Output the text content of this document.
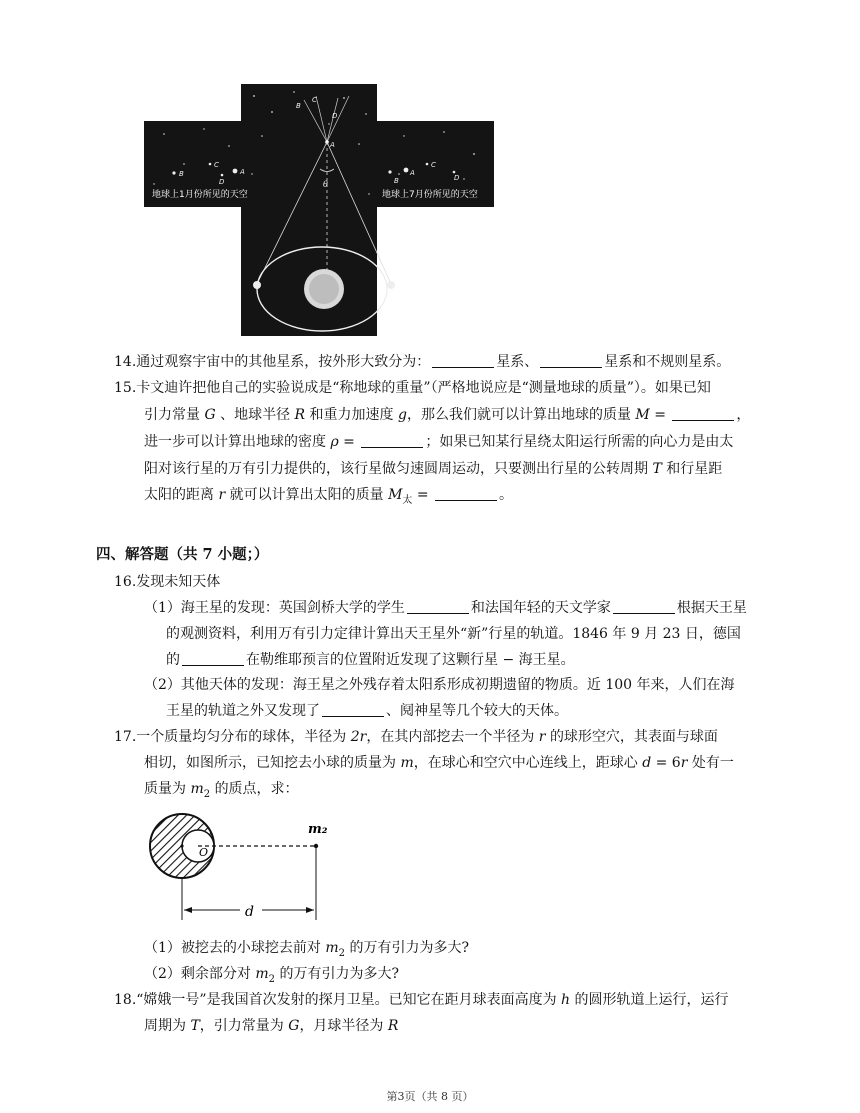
B
C
D
A
B
A
C
D
B
C
D
A
地球上1月份所见的天空	地球上7月份所见的天空
θ
14.通过观察宇宙中的其他星系，按外形大致分为：	星系、	星系和不规则星系。
15.卡文迪许把他自己的实验说成是“称地球的重量”（严格地说应是“测量地球的质量”）。如果已知
引力常量 G 、地球半径 R 和重力加速度 g，那么我们就可以计算出地球的质量 M =	，
进一步可以计算出地球的密度 ρ =	；如果已知某行星绕太阳运行所需的向心力是由太
阳对该行星的万有引力提供的，该行星做匀速圆周运动，只要测出行星的公转周期 T 和行星距
太阳的距离 r 就可以计算出太阳的质量 $M_太$ =	。
四、解答题（共 7 小题；）
16.发现未知天体
（1）海王星的发现：英国剑桥大学的学生	和法国年轻的天文学家	根据天王星
的观测资料，利用万有引力定律计算出天王星外“新”行星的轨道。1846 年 9 月 23 日，德国
的	在勒维耶预言的位置附近发现了这颗行星 − 海王星。
（2）其他天体的发现：海王星之外残存着太阳系形成初期遗留的物质。近 100 年来，人们在海
王星的轨道之外又发现了	、阋神星等几个较大的天体。
17.一个质量均匀分布的球体，半径为 2r，在其内部挖去一个半径为 r 的球形空穴，其表面与球面
相切，如图所示，已知挖去小球的质量为 m，在球心和空穴中心连线上，距球心 d = 6r 处有一
质量为 $m_2$ 的质点，求：
m₂
O
d
（1）被挖去的小球挖去前对 $m_2$ 的万有引力为多大?
（2）剩余部分对 $m_2$ 的万有引力为多大?
18.“嫦娥一号”是我国首次发射的探月卫星。已知它在距月球表面高度为 h 的圆形轨道上运行，运行
周期为 T，引力常量为 G，月球半径为 R
第3页（共 8 页）
